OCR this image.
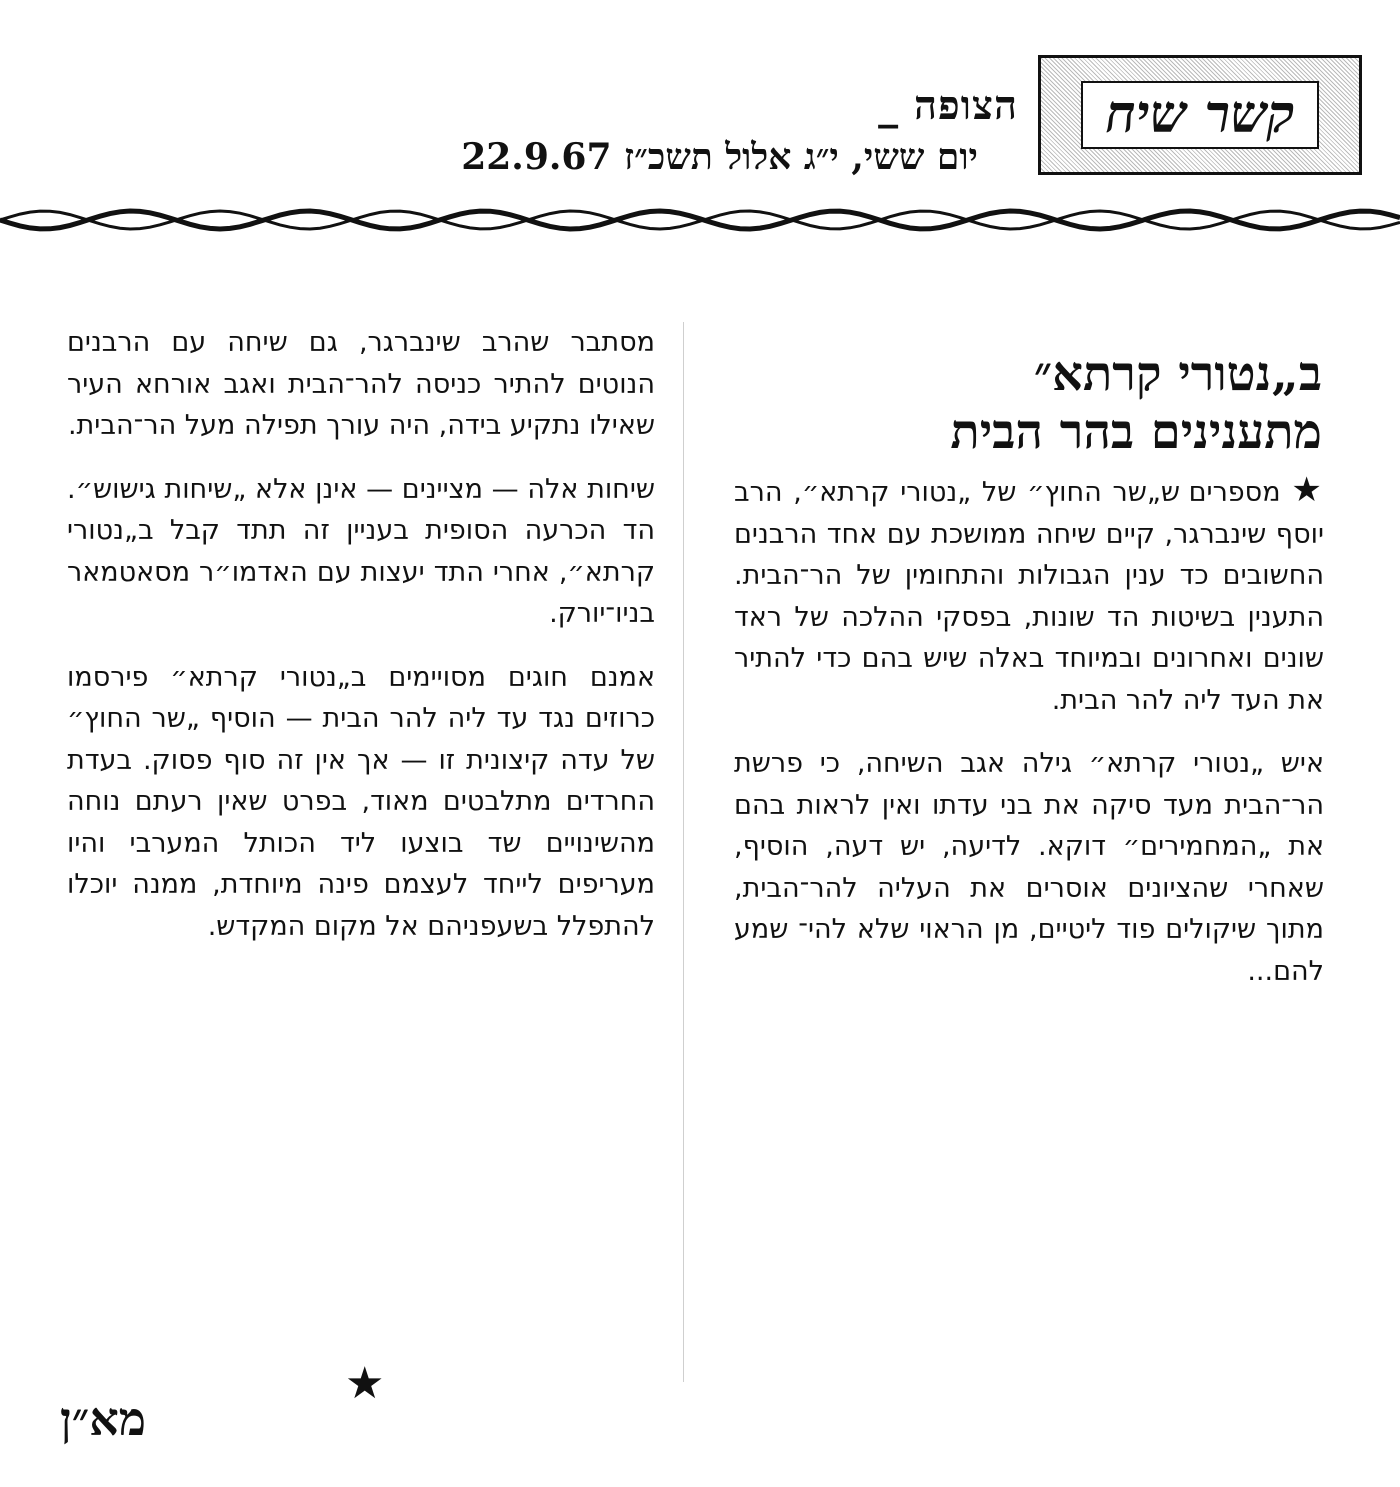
קשר שיח
הצופה _
יום ששי, י״ג אלול תשכ״ז 22.9.67
ב„נטורי קרתא״
מתענינים בהר הבית

★ מספרים ש„שר החוץ״ של „נטורי קרתא״, הרב יוסף שינברגר, קיים שיחה ממושכת עם אחד הרבנים החשובים כד ענין הגבולות והתחומין של הר־הבית. התענין בשיטות הד שונות, בפסקי ההלכה של ראד שונים ואחרונים ובמיוחד באלה שיש בהם כדי להתיר את העד ליה להר הבית.

איש „נטורי קרתא״ גילה אגב השיחה, כי פרשת הר־הבית מעד סיקה את בני עדתו ואין לראות בהם את „המחמירים״ דוקא. לדיעה, יש דעה, הוסיף, שאחרי שהציונים אוסרים את העליה להר־הבית, מתוך שיקולים פוד ליטיים, מן הראוי שלא להי־ שמע להם...

מסתבר שהרב שינברגר, גם שיחה עם הרבנים הנוטים להתיר כניסה להר־הבית ואגב אורחא העיר שאילו נתקיע בידה, היה עורך תפילה מעל הר־הבית.

שיחות אלה — מציינים — אינן אלא „שיחות גישוש״. הד הכרעה הסופית בעניין זה תתד קבל ב„נטורי קרתא״, אחרי התד יעצות עם האדמו״ר מסאטמאר בניו־יורק.

אמנם חוגים מסויימים ב„נטורי קרתא״ פירסמו כרוזים נגד עד ליה להר הבית — הוסיף „שר החוץ״ של עדה קיצונית זו — אך אין זה סוף פסוק. בעדת החרדים מתלבטים מאוד, בפרט שאין רעתם נוחה מהשינויים שד בוצעו ליד הכותל המערבי והיו מעריפים לייחד לעצמם פינה מיוחדת, ממנה יוכלו להתפלל בשעפניהם אל מקום המקדש.

★
מא״ן
